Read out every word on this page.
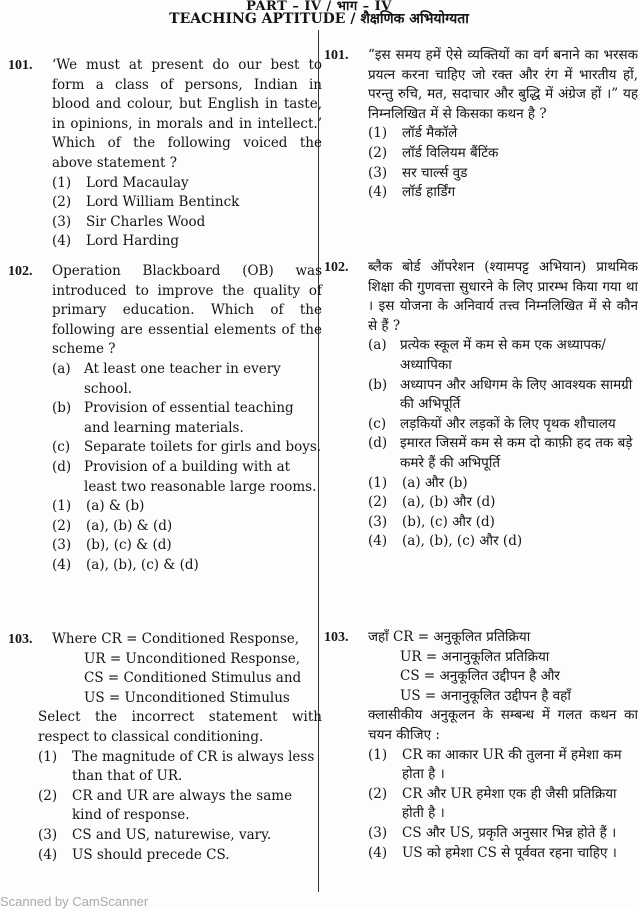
PART – IV / भाग – IV
TEACHING APTITUDE / शैक्षणिक अभियोग्यता
101. ‘We must at present do our best to form a class of persons, Indian in blood and colour, but English in taste, in opinions, in morals and in intellect.’ Which of the following voiced the above statement ?
(1) Lord Macaulay
(2) Lord William Bentinck
(3) Sir Charles Wood
(4) Lord Harding
102. Operation Blackboard (OB) was introduced to improve the quality of primary education. Which of the following are essential elements of the scheme ?
(a) At least one teacher in every school.
(b) Provision of essential teaching and learning materials.
(c) Separate toilets for girls and boys.
(d) Provision of a building with at least two reasonable large rooms.
(1) (a) & (b)
(2) (a), (b) & (d)
(3) (b), (c) & (d)
(4) (a), (b), (c) & (d)
103. Where CR = Conditioned Response,
UR = Unconditioned Response,
CS = Conditioned Stimulus and
US = Unconditioned Stimulus
Select the incorrect statement with respect to classical conditioning.
(1) The magnitude of CR is always less than that of UR.
(2) CR and UR are always the same kind of response.
(3) CS and US, naturewise, vary.
(4) US should precede CS.
101. “इस समय हमें ऐसे व्यक्तियों का वर्ग बनाने का भरसक प्रयत्न करना चाहिए जो रक्त और रंग में भारतीय हों, परन्तु रुचि, मत, सदाचार और बुद्धि में अंग्रेज हों ।” यह निम्नलिखित में से किसका कथन है ?
(1) लॉर्ड मैकॉले
(2) लॉर्ड विलियम बैंटिंक
(3) सर चार्ल्स वुड
(4) लॉर्ड हार्डिंग
102. ब्लैक बोर्ड ऑपरेशन (श्यामपट्ट अभियान) प्राथमिक शिक्षा की गुणवत्ता सुधारने के लिए प्रारम्भ किया गया था । इस योजना के अनिवार्य तत्त्व निम्नलिखित में से कौन से हैं ?
(a) प्रत्येक स्कूल में कम से कम एक अध्यापक/अध्यापिका
(b) अध्यापन और अधिगम के लिए आवश्यक सामग्री की अभिपूर्ति
(c) लड़कियों और लड़कों के लिए पृथक शौचालय
(d) इमारत जिसमें कम से कम दो काफ़ी हद तक बड़े कमरे हैं की अभिपूर्ति
(1) (a) और (b)
(2) (a), (b) और (d)
(3) (b), (c) और (d)
(4) (a), (b), (c) और (d)
103. जहाँ CR = अनुकूलित प्रतिक्रिया
UR = अनानुकूलित प्रतिक्रिया
CS = अनुकूलित उद्दीपन है और
US = अनानुकूलित उद्दीपन है वहाँ
क्लासीकीय अनुकूलन के सम्बन्ध में गलत कथन का चयन कीजिए :
(1) CR का आकार UR की तुलना में हमेशा कम होता है ।
(2) CR और UR हमेशा एक ही जैसी प्रतिक्रिया होती है ।
(3) CS और US, प्रकृति अनुसार भिन्न होते हैं ।
(4) US को हमेशा CS से पूर्ववत रहना चाहिए ।
Scanned by CamScanner
